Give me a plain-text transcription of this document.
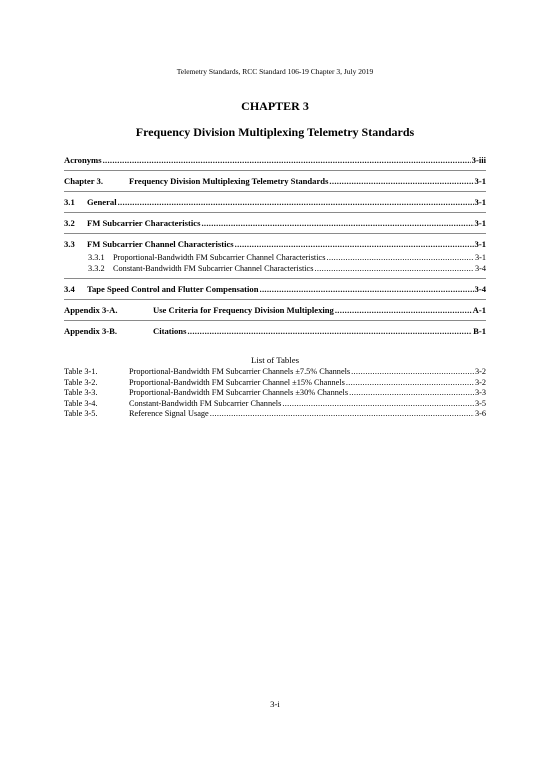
Telemetry Standards, RCC Standard 106-19 Chapter 3, July 2019
CHAPTER 3
Frequency Division Multiplexing Telemetry Standards
Acronyms .....	3-iii
Chapter 3.	Frequency Division Multiplexing Telemetry Standards .....	3-1
3.1	General .....	3-1
3.2	FM Subcarrier Characteristics .....	3-1
3.3	FM Subcarrier Channel Characteristics .....	3-1
3.3.1	Proportional-Bandwidth FM Subcarrier Channel Characteristics .....	3-1
3.3.2	Constant-Bandwidth FM Subcarrier Channel Characteristics .....	3-4
3.4	Tape Speed Control and Flutter Compensation .....	3-4
Appendix 3-A.	Use Criteria for Frequency Division Multiplexing .....	A-1
Appendix 3-B.	Citations .....	B-1
List of Tables
Table 3-1.	Proportional-Bandwidth FM Subcarrier Channels ±7.5% Channels .....	3-2
Table 3-2.	Proportional-Bandwidth FM Subcarrier Channel ±15% Channels .....	3-2
Table 3-3.	Proportional-Bandwidth FM Subcarrier Channels ±30% Channels .....	3-3
Table 3-4.	Constant-Bandwidth FM Subcarrier Channels .....	3-5
Table 3-5.	Reference Signal Usage .....	3-6
3-i
